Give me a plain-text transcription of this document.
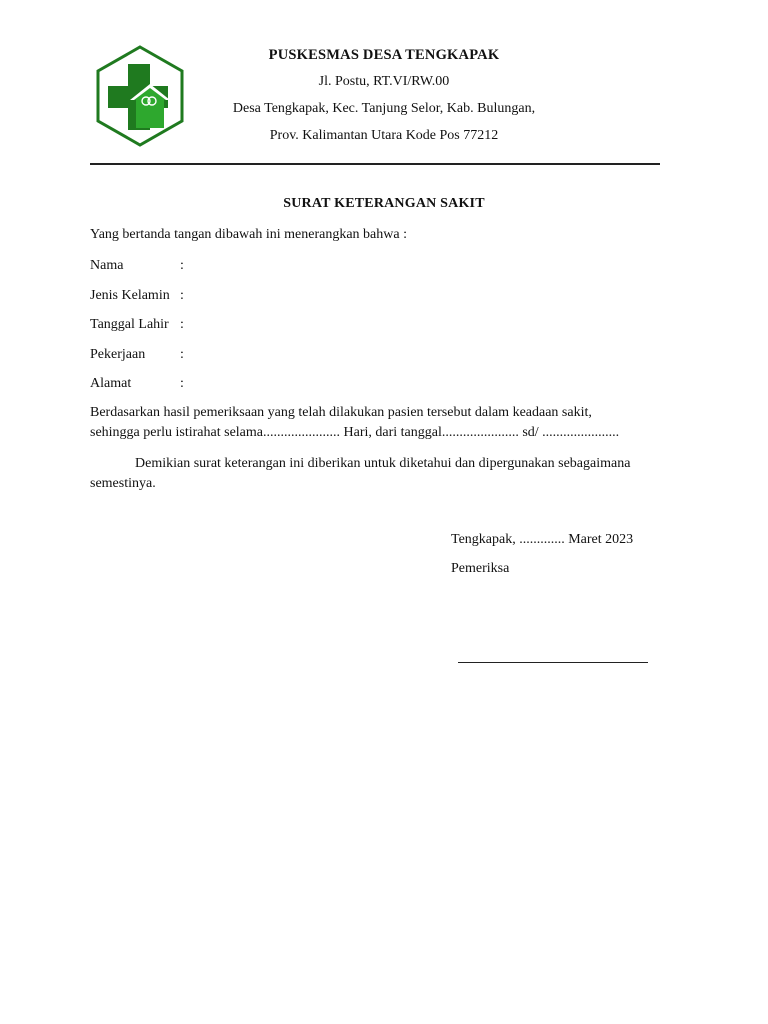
PUSKESMAS DESA TENGKAPAK
Jl. Postu, RT.VI/RW.00
Desa Tengkapak, Kec. Tanjung Selor, Kab. Bulungan,
Prov. Kalimantan Utara Kode Pos 77212
SURAT KETERANGAN SAKIT
Yang bertanda tangan dibawah ini menerangkan bahwa :
Nama	:
Jenis Kelamin :
Tanggal Lahir :
Pekerjaan	:
Alamat	:
Berdasarkan hasil pemeriksaan yang telah dilakukan pasien tersebut dalam keadaan sakit,
sehingga perlu istirahat selama...................... Hari, dari tanggal...................... sd/ ......................
Demikian surat keterangan ini diberikan untuk diketahui dan dipergunakan sebagaimana semestinya.
Tengkapak, ............. Maret 2023
Pemeriksa
